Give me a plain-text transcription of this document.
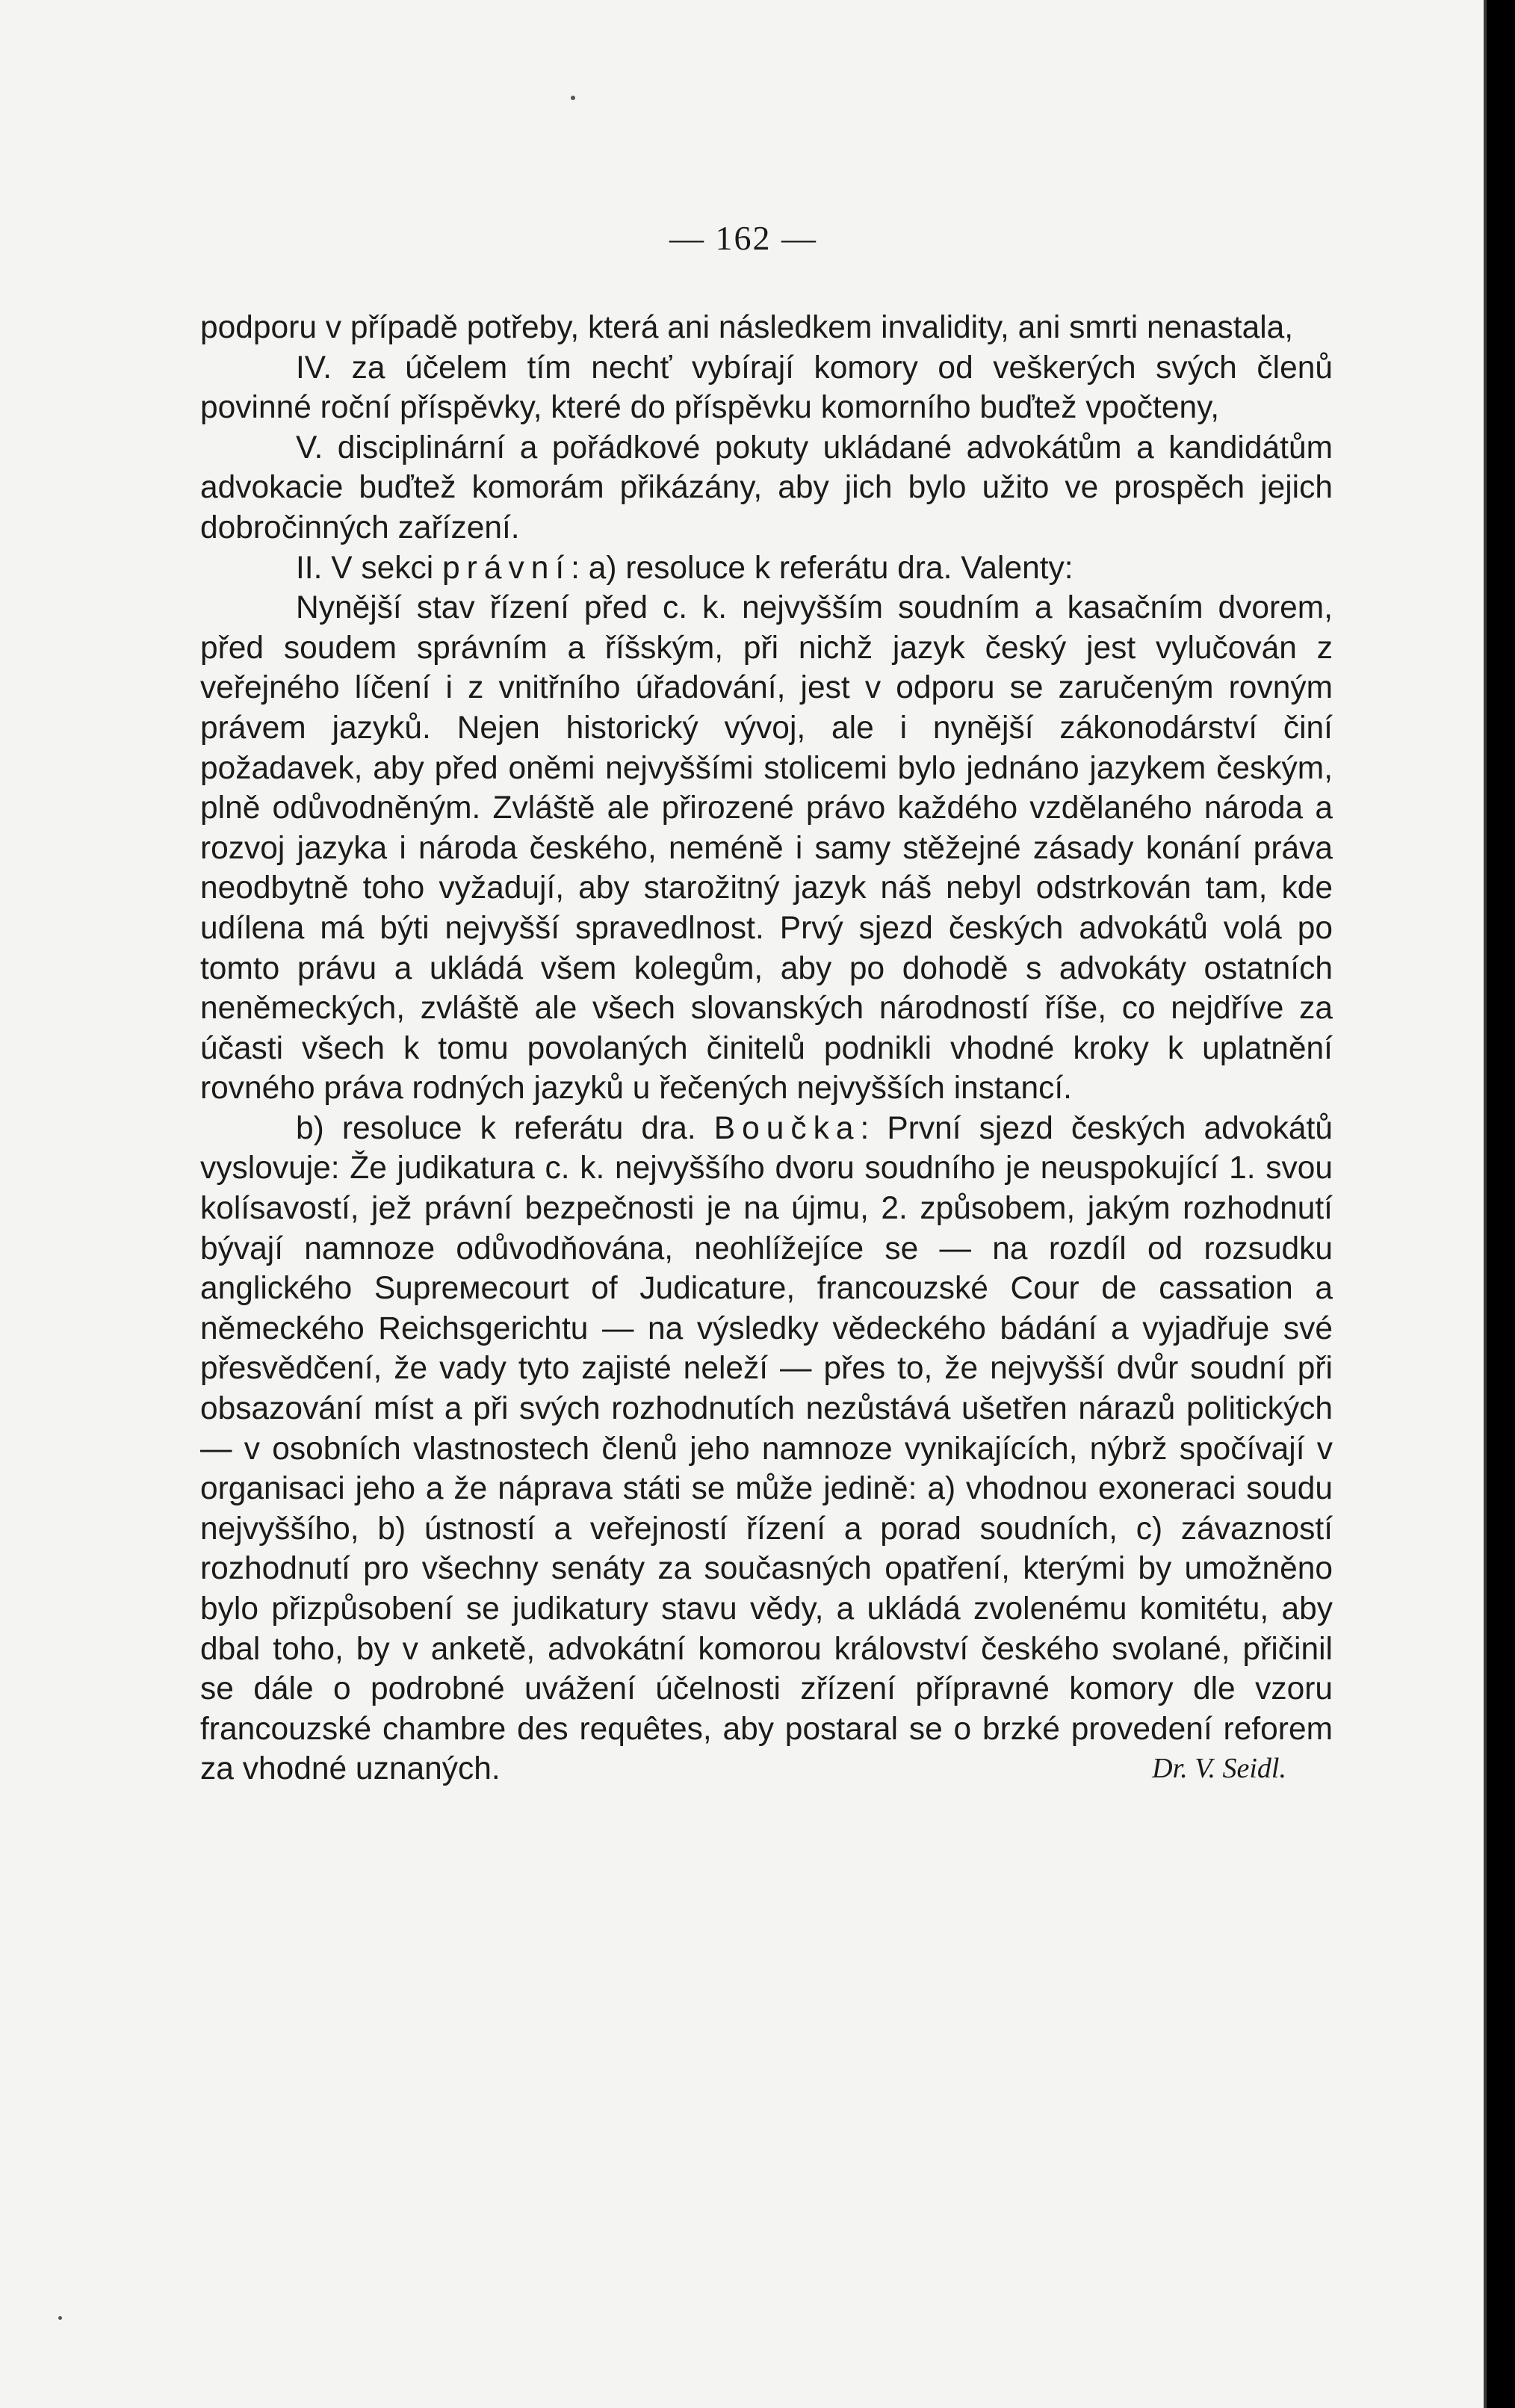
— 162 —

podporu v případě potřeby, která ani následkem invalidity, ani smrti nenastala,

IV. za účelem tím nechť vybírají komory od veškerých svých členů povinné roční příspěvky, které do příspěvku komorního buďtež vpočteny,

V. disciplinární a pořádkové pokuty ukládané advokátům a kandidátům advokacie buďtež komorám přikázány, aby jich bylo užito ve prospěch jejich dobročinných zařízení.

II. V sekci právní: a) resoluce k referátu dra. Valenty:

Nynější stav řízení před c. k. nejvyšším soudním a kasačním dvorem, před soudem správním a říšským, při nichž jazyk český jest vylučován z veřejného líčení i z vnitřního úřadování, jest v odporu se zaručeným rovným právem jazyků. Nejen historický vývoj, ale i nynější zákonodárství činí požadavek, aby před oněmi nejvyššími stolicemi bylo jednáno jazykem českým, plně odůvodněným. Zvláště ale přirozené právo každého vzdělaného národa a rozvoj jazyka i národa českého, neméně i samy stěžejné zásady konání práva neodbytně toho vyžadují, aby starožitný jazyk náš nebyl odstrkován tam, kde udílena má býti nejvyšší spravedlnost. Prvý sjezd českých advokátů volá po tomto právu a ukládá všem kolegům, aby po dohodě s advokáty ostatních neněmeckých, zvláště ale všech slovanských národností říše, co nejdříve za účasti všech k tomu povolaných činitelů podnikli vhodné kroky k uplatnění rovného práva rodných jazyků u řečených nejvyšších instancí.

b) resoluce k referátu dra. Boučka: První sjezd českých advokátů vyslovuje: Že judikatura c. k. nejvyššího dvoru soudního je neuspokující 1. svou kolísavostí, jež právní bezpečnosti je na újmu, 2. způsobem, jakým rozhodnutí bývají namnoze odůvodňována, neohlížejíce se — na rozdíl od rozsudku anglického Suprемecourt of Judicature, francouzské Cour de cassation a německého Reichsgerichtu — na výsledky vědeckého bádání a vyjadřuje své přesvědčení, že vady tyto zajisté neleží — přes to, že nejvyšší dvůr soudní při obsazování míst a při svých rozhodnutích nezůstává ušetřen nárazů politických — v osobních vlastnostech členů jeho namnoze vynikajících, nýbrž spočívají v organisaci jeho a že náprava státi se může jedině: a) vhodnou exoneraci soudu nejvyššího, b) ústností a veřejností řízení a porad soudních, c) závazností rozhodnutí pro všechny senáty za současných opatření, kterými by umožněno bylo přizpůsobení se judikatury stavu vědy, a ukládá zvolenému komitétu, aby dbal toho, by v anketě, advokátní komorou království českého svolané, přičinil se dále o podrobné uvážení účelnosti zřízení přípravné komory dle vzoru francouzské chambre des requêtes, aby postaral se o brzké provedení reforem za vhodné uznaných.	Dr. V. Seidl.
